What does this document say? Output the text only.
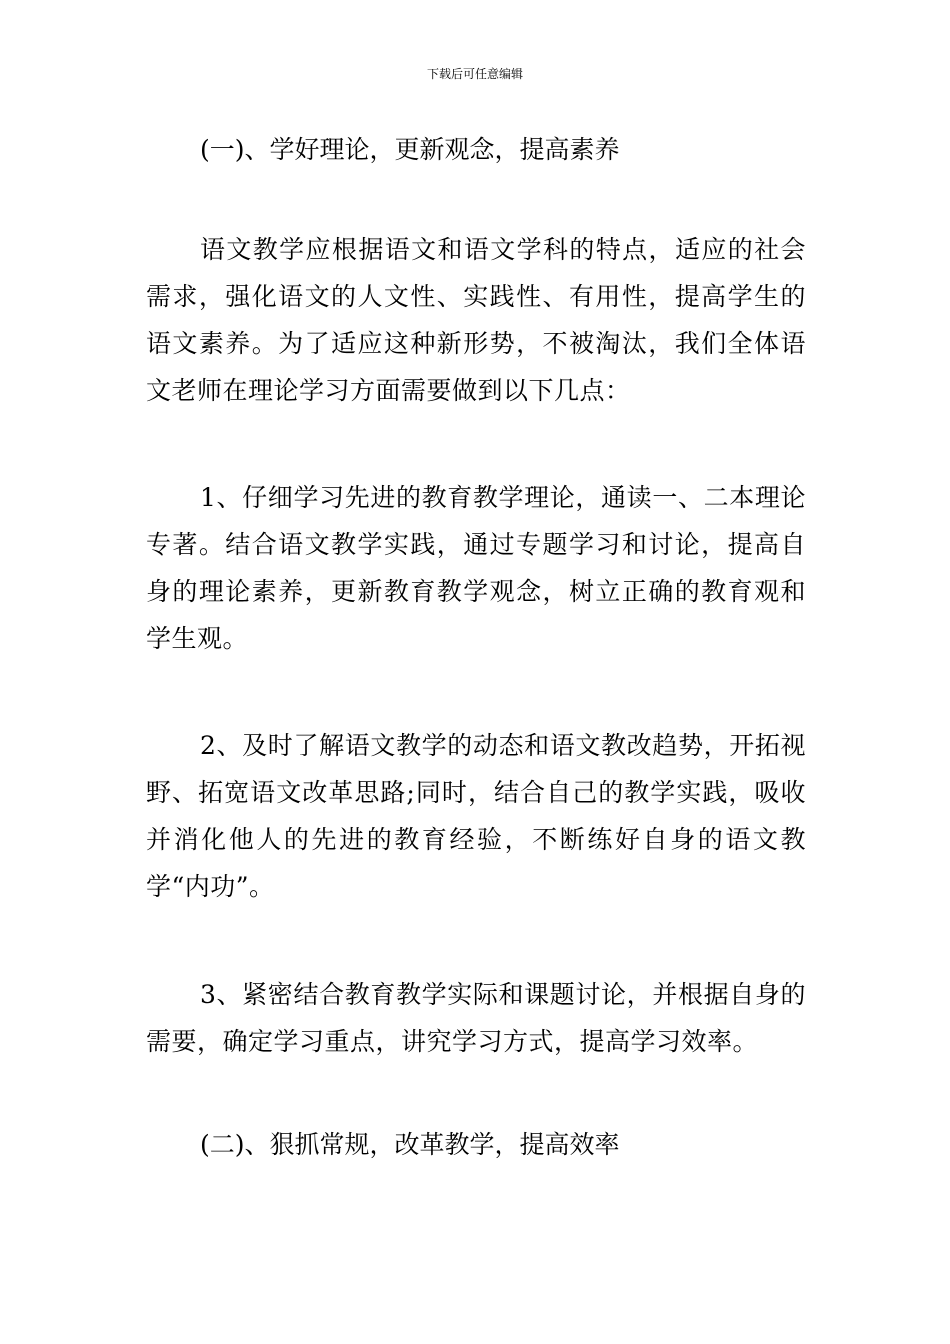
下载后可任意编辑
(一)、学好理论，更新观念，提高素养

语文教学应根据语文和语文学科的特点，适应的社会需求，强化语文的人文性、实践性、有用性，提高学生的语文素养。为了适应这种新形势，不被淘汰，我们全体语文老师在理论学习方面需要做到以下几点：

1、仔细学习先进的教育教学理论，通读一、二本理论专著。结合语文教学实践，通过专题学习和讨论，提高自身的理论素养，更新教育教学观念，树立正确的教育观和学生观。

2、及时了解语文教学的动态和语文教改趋势，开拓视野、拓宽语文改革思路;同时，结合自己的教学实践，吸收并消化他人的先进的教育经验，不断练好自身的语文教学“内功”。

3、紧密结合教育教学实际和课题讨论，并根据自身的需要，确定学习重点，讲究学习方式，提高学习效率。

(二)、狠抓常规，改革教学，提高效率
